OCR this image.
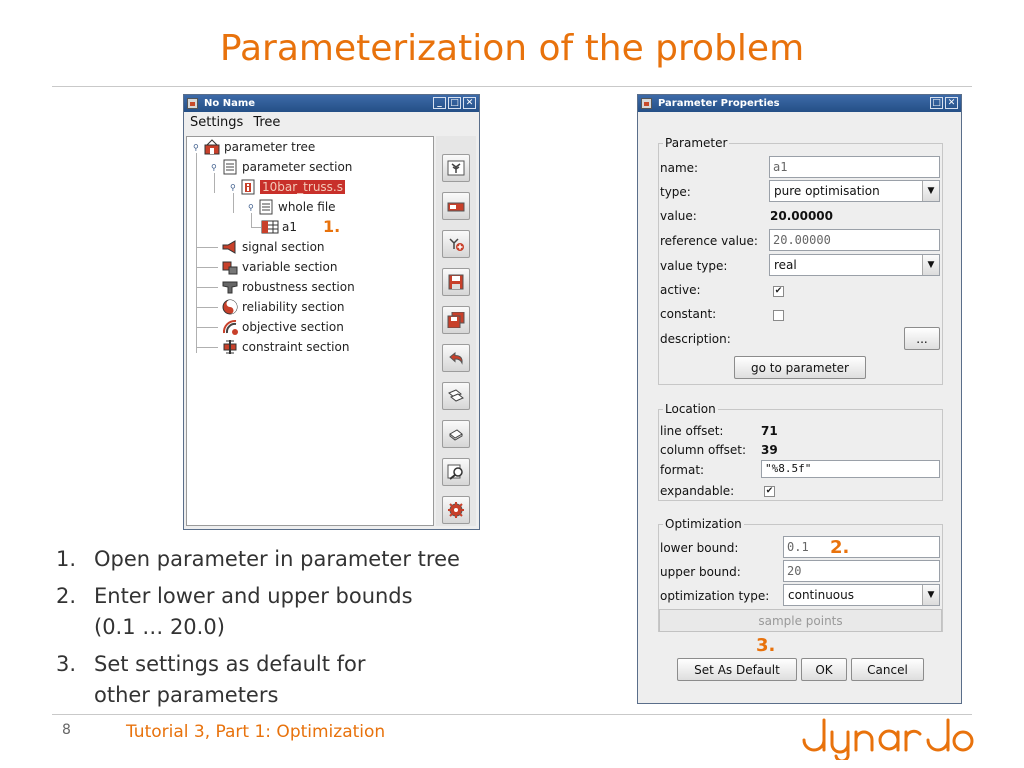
Parameterization of the problem
No Name	_ □ ✕
Settings Tree
⚲
⚲
⚲
⚲
parameter tree
parameter section
10bar_truss.s
whole file
a1 1.
signal section
variable section
robustness section
reliability section
objective section
constraint section
Parameter Properties	□ ✕
Parameter
name:	a1
type:	pure optimisation	▼
value:	20.00000
reference value:	20.00000
value type:	real	▼
active:	✔
constant:
description:	...
go to parameter
Location
line offset:	71
column offset: 39
format:	"%8.5f"
expandable:	✔
Optimization
lower bound:	0.1	2.
upper bound:	20
optimization type:	continuous	▼
sample points
3.
Set As Default	OK	Cancel
1. Open parameter in parameter tree
2. Enter lower and upper bounds
(0.1 … 20.0)
3. Set settings as default for
other parameters
8	Tutorial 3, Part 1: Optimization
